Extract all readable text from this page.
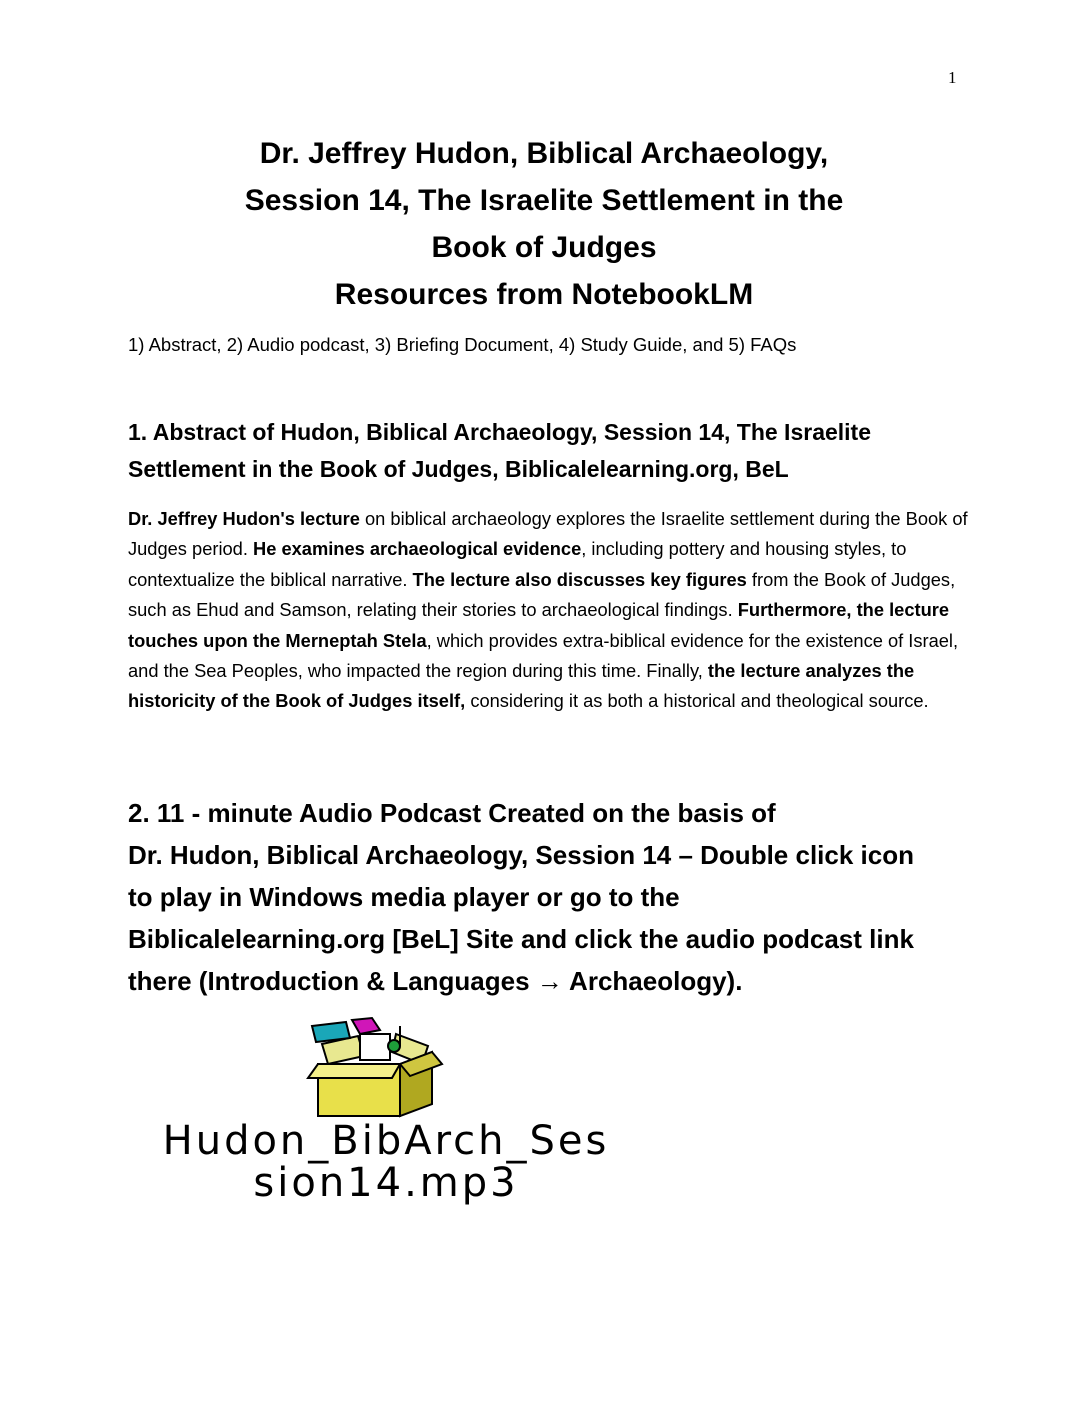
1
Dr. Jeffrey Hudon, Biblical Archaeology,
Session 14, The Israelite Settlement in the
Book of Judges
Resources from NotebookLM
1) Abstract, 2) Audio podcast, 3) Briefing Document, 4) Study Guide, and 5) FAQs
1. Abstract of Hudon, Biblical Archaeology, Session 14, The Israelite Settlement in the Book of Judges, Biblicalelearning.org, BeL
Dr. Jeffrey Hudon's lecture on biblical archaeology explores the Israelite settlement during the Book of Judges period. He examines archaeological evidence, including pottery and housing styles, to contextualize the biblical narrative. The lecture also discusses key figures from the Book of Judges, such as Ehud and Samson, relating their stories to archaeological findings. Furthermore, the lecture touches upon the Merneptah Stela, which provides extra-biblical evidence for the existence of Israel, and the Sea Peoples, who impacted the region during this time. Finally, the lecture analyzes the historicity of the Book of Judges itself, considering it as both a historical and theological source.
2. 11 - minute Audio Podcast Created on the basis of
Dr. Hudon, Biblical Archaeology, Session 14 – Double click icon
to play in Windows media player or go to the
Biblicalelearning.org [BeL] Site and click the audio podcast link
there (Introduction & Languages → Archaeology).
Hudon_BibArch_Ses
sion14.mp3
